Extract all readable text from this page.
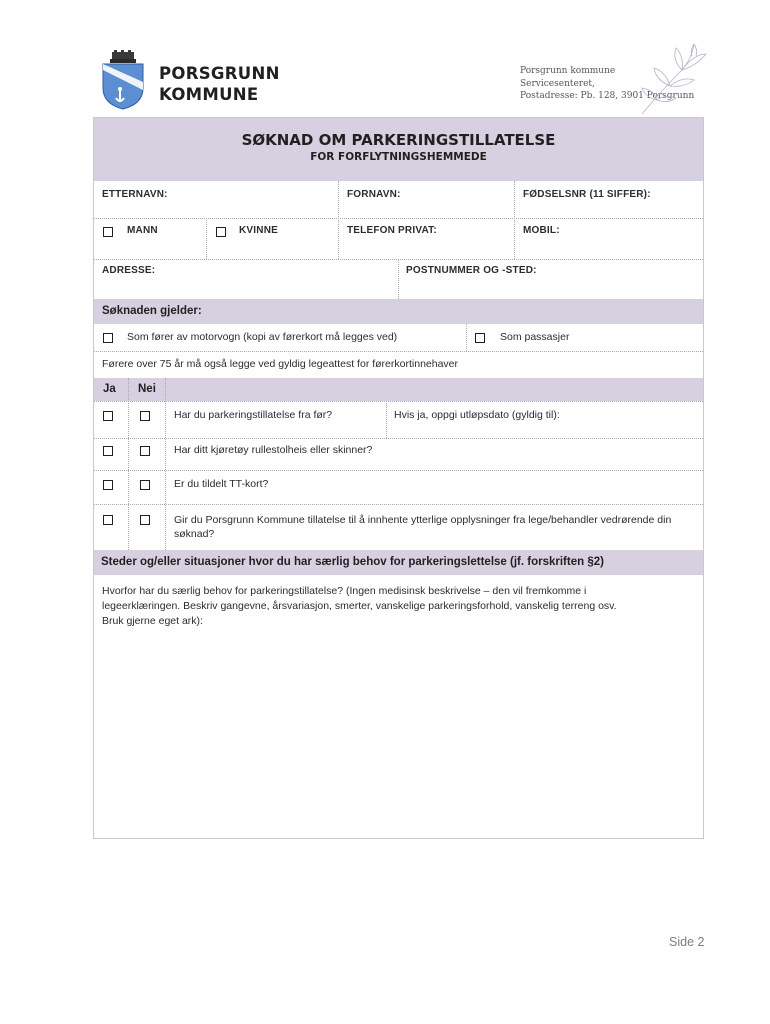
PORSGRUNN
KOMMUNE
Porsgrunn kommune
Servicesenteret,
Postadresse: Pb. 128, 3901 Porsgrunn
SØKNAD OM PARKERINGSTILLATELSE
FOR FORFLYTNINGSHEMMEDE
ETTERNAVN:	FORNAVN:	FØDSELSNR (11 SIFFER):
MANN	KVINNE	TELEFON PRIVAT:	MOBIL:
ADRESSE:	POSTNUMMER OG -STED:
Søknaden gjelder:
Som fører av motorvogn (kopi av førerkort må legges ved)	Som passasjer
Førere over 75 år må også legge ved gyldig legeattest for førerkortinnehaver
Ja Nei
Har du parkeringstillatelse fra før?	Hvis ja, oppgi utløpsdato (gyldig til):
Har ditt kjøretøy rullestolheis eller skinner?
Er du tildelt TT-kort?
Gir du Porsgrunn Kommune tillatelse til å innhente ytterlige opplysninger fra lege/behandler vedrørende din søknad?
Steder og/eller situasjoner hvor du har særlig behov for parkeringslettelse (jf. forskriften §2)
Hvorfor har du særlig behov for parkeringstillatelse? (Ingen medisinsk beskrivelse – den vil fremkomme i
legeerklæringen. Beskriv gangevne, årsvariasjon, smerter, vanskelige parkeringsforhold, vanskelig terreng osv.
Bruk gjerne eget ark):
Side 2
